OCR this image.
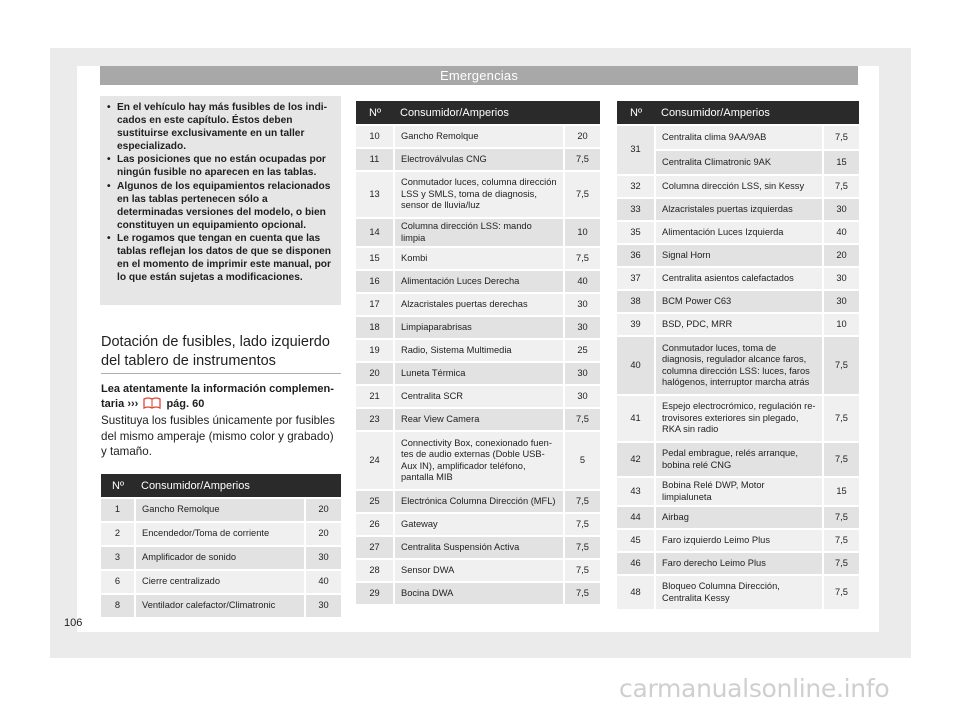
Emergencias
• En el vehículo hay más fusibles de los indicados en este capítulo. Éstos deben sustituirse exclusivamente en un taller especializado.
• Las posiciones que no están ocupadas por ningún fusible no aparecen en las tablas.
• Algunos de los equipamientos relacionados en las tablas pertenecen sólo a determinadas versiones del modelo, o bien constituyen un equipamiento opcional.
• Le rogamos que tengan en cuenta que las tablas reflejan los datos de que se disponen en el momento de imprimir este manual, por lo que están sujetas a modificaciones.
Dotación de fusibles, lado izquierdo del tablero de instrumentos
Lea atentamente la información complementaria ›››	pág. 60
Sustituya los fusibles únicamente por fusibles del mismo amperaje (mismo color y grabado) y tamaño.
Nº	Consumidor/Amperios	
1	Gancho Remolque	20
2	Encendedor/Toma de corriente	20
3	Amplificador de sonido	30
6	Cierre centralizado	40
8	Ventilador calefactor/Climatronic	30
Nº	Consumidor/Amperios	
10	Gancho Remolque	20
11	Electroválvulas CNG	7,5
13	Conmutador luces, columna dirección LSS y SMLS, toma de diagnosis, sensor de lluvia/luz	7,5
14	Columna dirección LSS: mando limpia	10
15	Kombi	7,5
16	Alimentación Luces Derecha	40
17	Alzacristales puertas derechas	30
18	Limpiaparabrisas	30
19	Radio, Sistema Multimedia	25
20	Luneta Térmica	30
21	Centralita SCR	30
23	Rear View Camera	7,5
24	Connectivity Box, conexionado fuentes de audio externas (Doble USB-Aux IN), amplificador teléfono, pantalla MIB	5
25	Electrónica Columna Dirección (MFL)	7,5
26	Gateway	7,5
27	Centralita Suspensión Activa	7,5
28	Sensor DWA	7,5
29	Bocina DWA	7,5
Nº	Consumidor/Amperios	
31	Centralita clima 9AA/9AB	7,5
	Centralita Climatronic 9AK	15
32	Columna dirección LSS, sin Kessy	7,5
33	Alzacristales puertas izquierdas	30
35	Alimentación Luces Izquierda	40
36	Signal Horn	20
37	Centralita asientos calefactados	30
38	BCM Power C63	30
39	BSD, PDC, MRR	10
40	Conmutador luces, toma de diagnosis, regulador alcance faros, columna dirección LSS: luces, faros halógenos, interruptor marcha atrás	7,5
41	Espejo electrocrómico, regulación retrovisores exteriores sin plegado, RKA sin radio	7,5
42	Pedal embrague, relés arranque, bobina relé CNG	7,5
43	Bobina Relé DWP, Motor limpialuneta	15
44	Airbag	7,5
45	Faro izquierdo Leimo Plus	7,5
46	Faro derecho Leimo Plus	7,5
48	Bloqueo Columna Dirección, Centralita Kessy	7,5
106
carmanualsonline.info
